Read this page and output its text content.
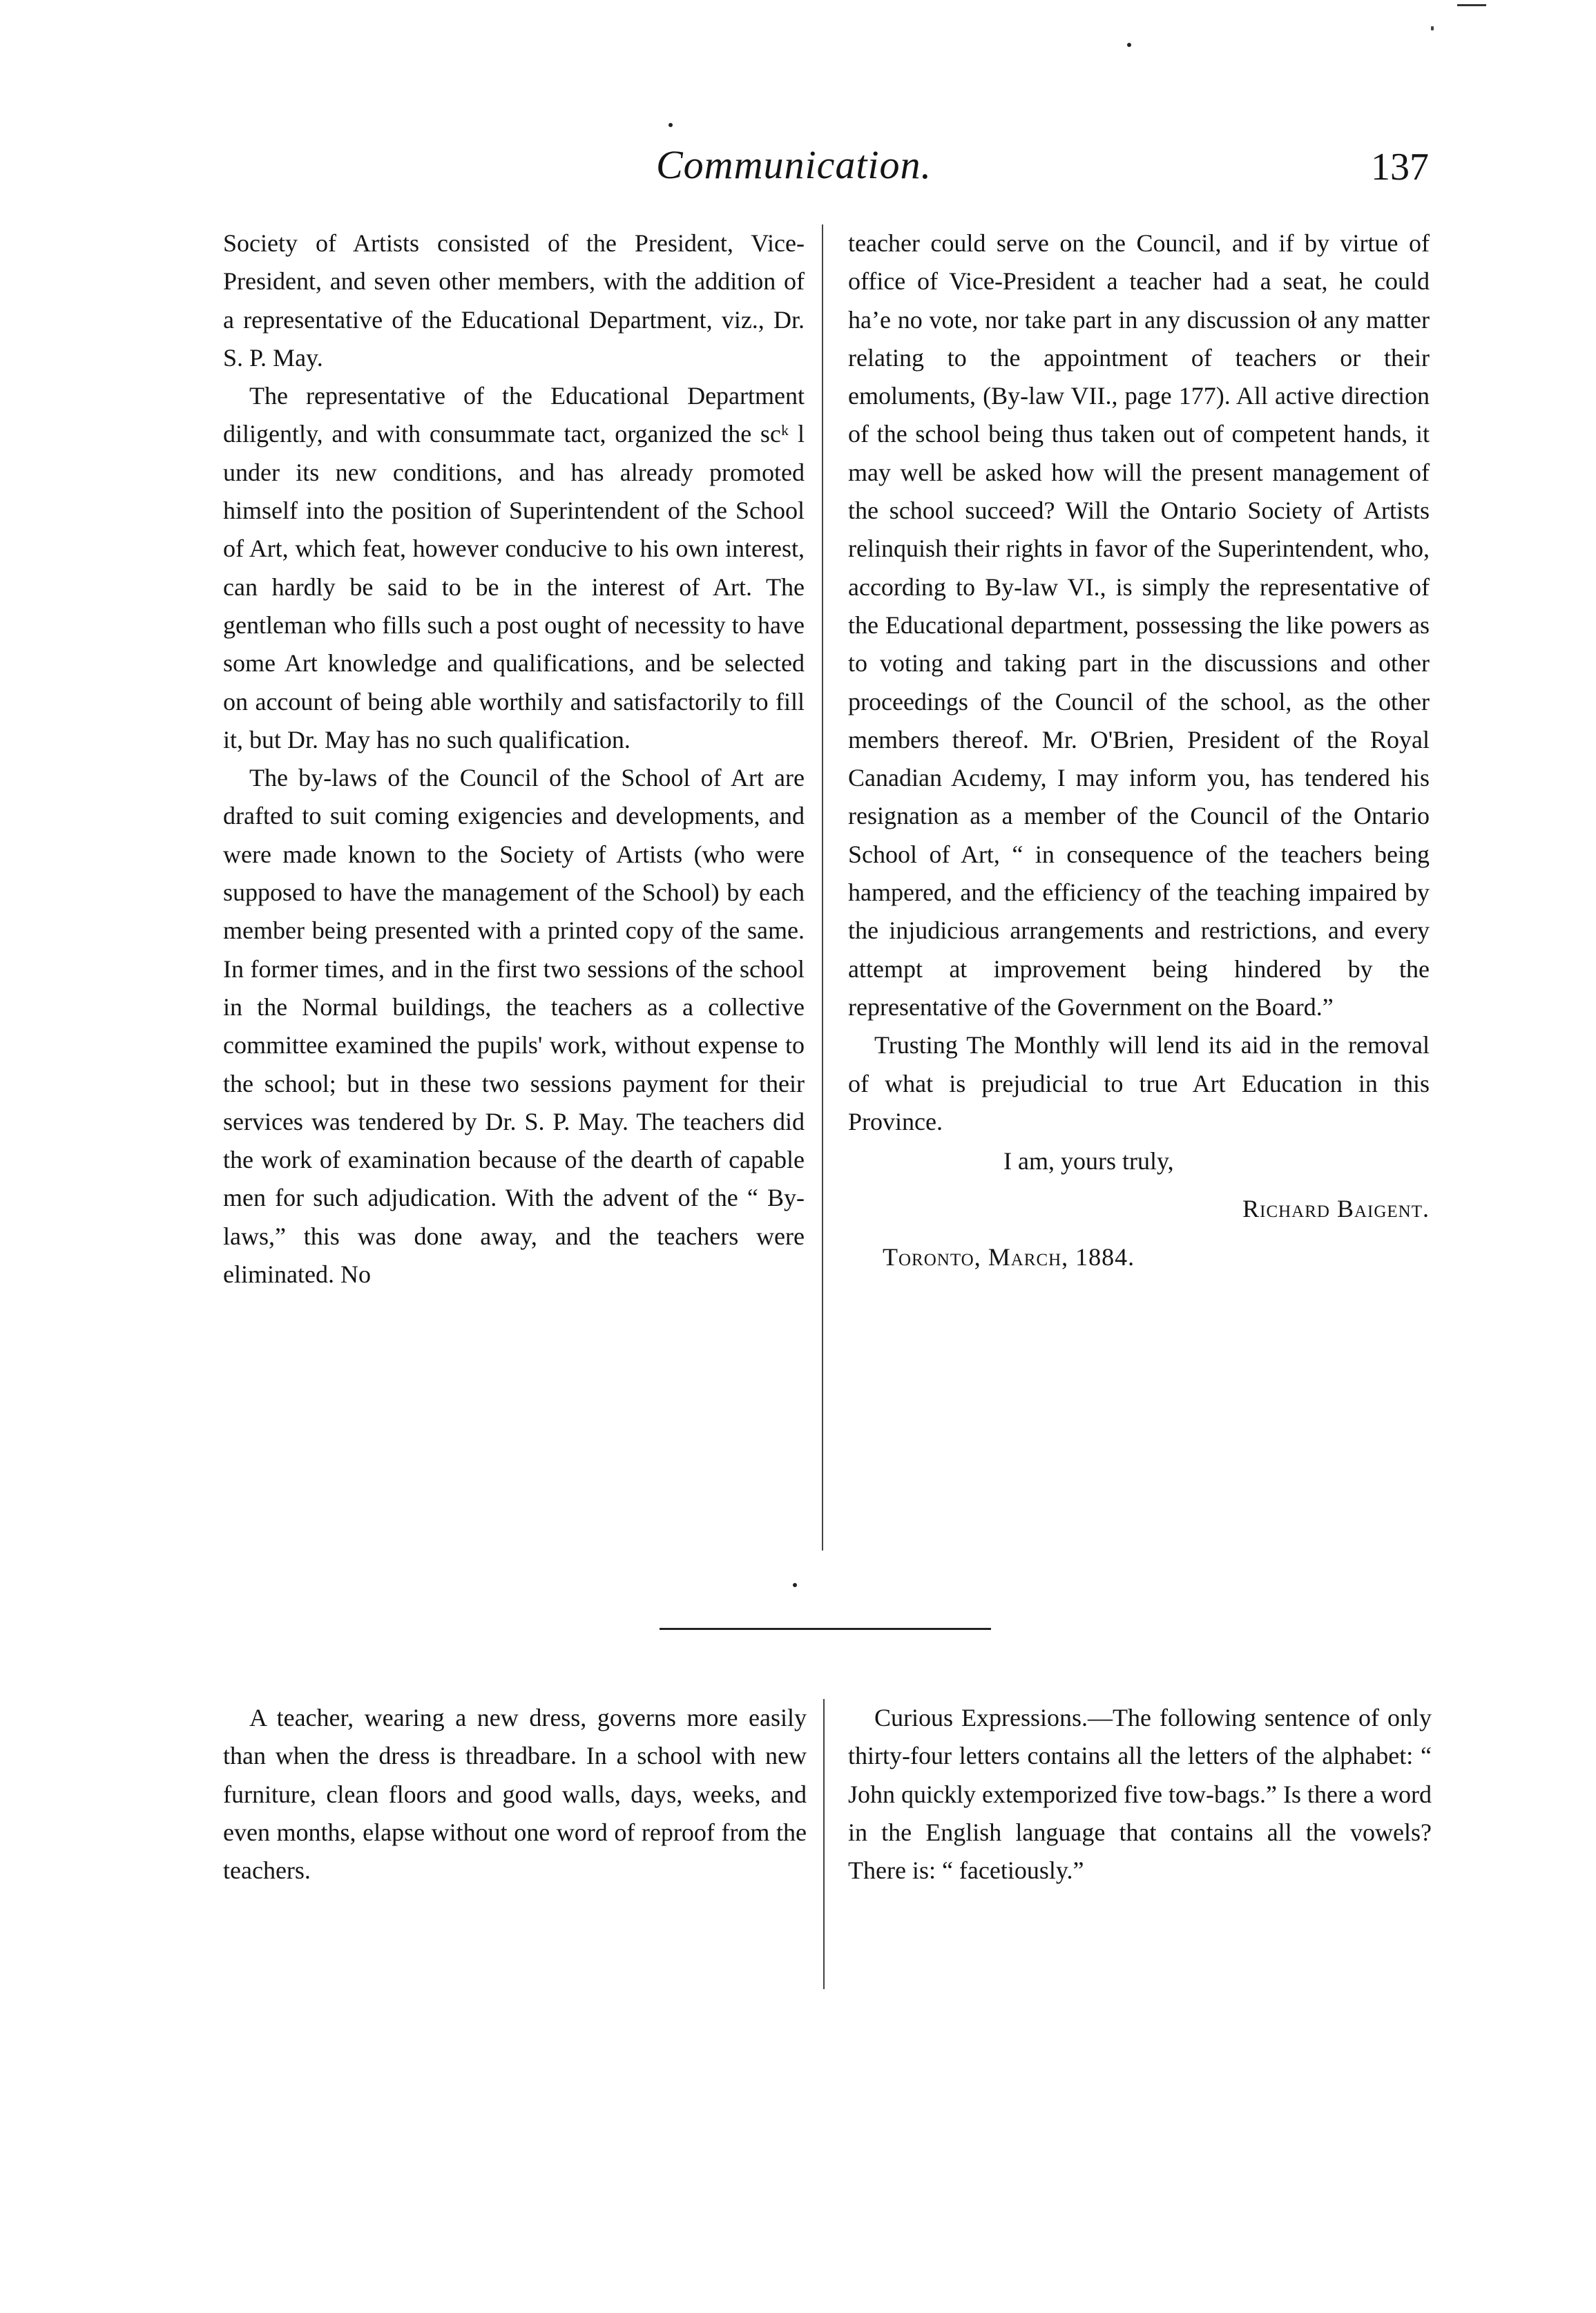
Communication.	137

Society of Artists consisted of the President, Vice-President, and seven other members, with the addition of a representative of the Educational Department, viz., Dr. S. P. May.

The representative of the Educational Department diligently, and with consummate tact, organized the scᵏ l under its new conditions, and has already promoted himself into the position of Superintendent of the School of Art, which feat, however conducive to his own interest, can hardly be said to be in the interest of Art. The gentleman who fills such a post ought of necessity to have some Art knowledge and qualifications, and be selected on account of being able worthily and satisfactorily to fill it, but Dr. May has no such qualification.

The by-laws of the Council of the School of Art are drafted to suit coming exigencies and developments, and were made known to the Society of Artists (who were supposed to have the management of the School) by each member being presented with a printed copy of the same. In former times, and in the first two sessions of the school in the Normal buildings, the teachers as a collective committee examined the pupils' work, without expense to the school; but in these two sessions payment for their services was tendered by Dr. S. P. May. The teachers did the work of examination because of the dearth of capable men for such adjudication. With the advent of the “ By-laws,” this was done away, and the teachers were eliminated. No

teacher could serve on the Council, and if by virtue of office of Vice-President a teacher had a seat, he could ha’e no vote, nor take part in any discussion oł any matter relating to the appointment of teachers or their emoluments, (By-law VII., page 177). All active direction of the school being thus taken out of competent hands, it may well be asked how will the present management of the school succeed? Will the Ontario Society of Artists relinquish their rights in favor of the Superintendent, who, according to By-law VI., is simply the representative of the Educational department, possessing the like powers as to voting and taking part in the discussions and other proceedings of the Council of the school, as the other members thereof. Mr. O'Brien, President of the Royal Canadian Acıdemy, I may inform you, has tendered his resignation as a member of the Council of the Ontario School of Art, “ in consequence of the teachers being hampered, and the efficiency of the teaching impaired by the injudicious arrangements and restrictions, and every attempt at improvement being hindered by the representative of the Government on the Board.”

Trusting The Monthly will lend its aid in the removal of what is prejudicial to true Art Education in this Province.

I am, yours truly,

Richard Baigent.

Toronto, March, 1884.

A teacher, wearing a new dress, governs more easily than when the dress is threadbare. In a school with new furniture, clean floors and good walls, days, weeks, and even months, elapse without one word of reproof from the teachers.

Curious Expressions.—The following sentence of only thirty-four letters contains all the letters of the alphabet: “ John quickly extemporized five tow-bags.” Is there a word in the English language that contains all the vowels? There is: “ facetiously.”
